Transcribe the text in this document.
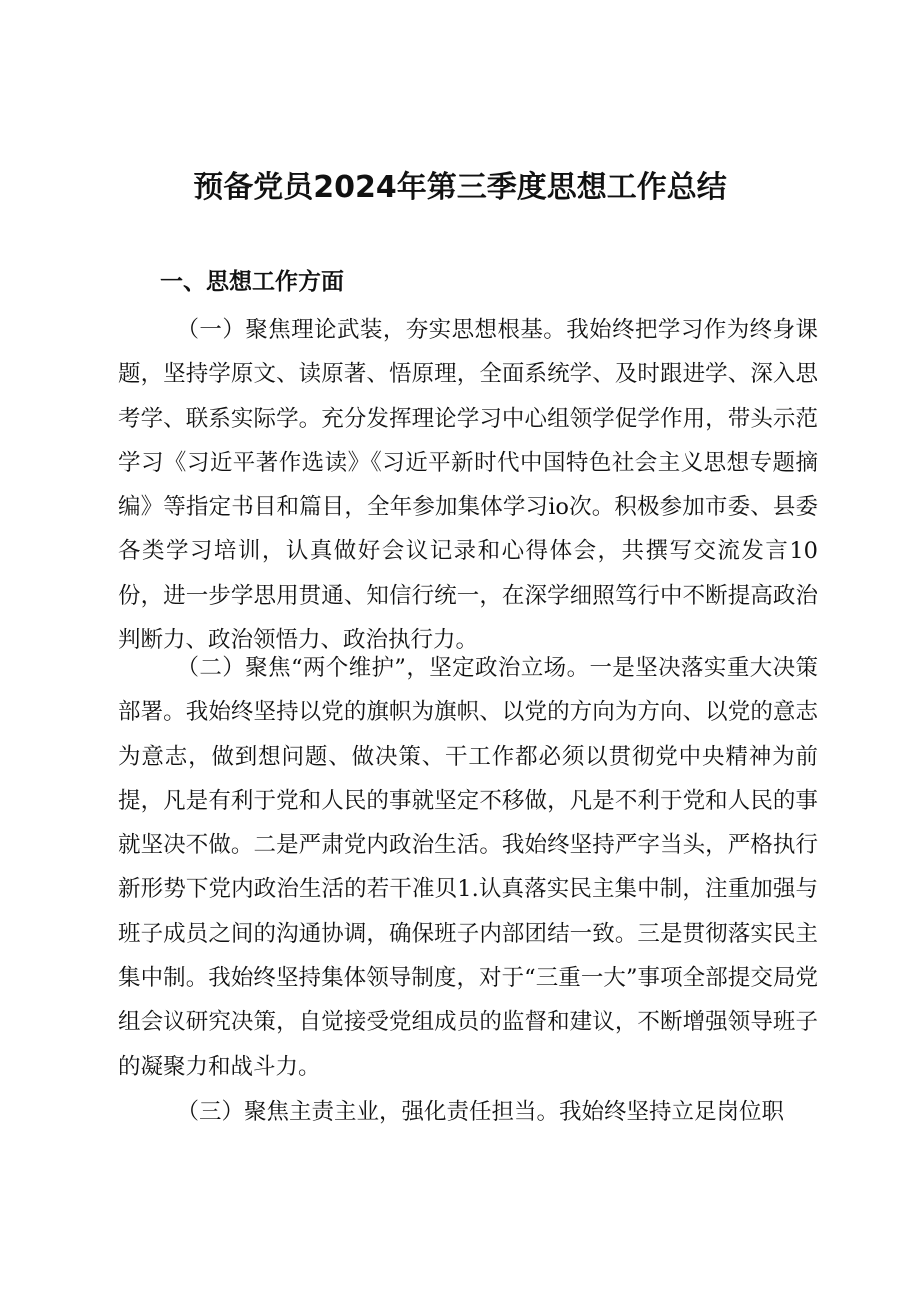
预备党员2024年第三季度思想工作总结
一、思想工作方面

（一）聚焦理论武装，夯实思想根基。我始终把学习作为终身课题，坚持学原文、读原著、悟原理，全面系统学、及时跟进学、深入思考学、联系实际学。充分发挥理论学习中心组领学促学作用，带头示范学习《习近平著作选读》《习近平新时代中国特色社会主义思想专题摘编》等指定书目和篇目，全年参加集体学习io次。积极参加市委、县委各类学习培训，认真做好会议记录和心得体会，共撰写交流发言10份，进一步学思用贯通、知信行统一，在深学细照笃行中不断提高政治判断力、政治领悟力、政治执行力。

（二）聚焦“两个维护”，坚定政治立场。一是坚决落实重大决策部署。我始终坚持以党的旗帜为旗帜、以党的方向为方向、以党的意志为意志，做到想问题、做决策、干工作都必须以贯彻党中央精神为前提，凡是有利于党和人民的事就坚定不移做，凡是不利于党和人民的事就坚决不做。二是严肃党内政治生活。我始终坚持严字当头，严格执行新形势下党内政治生活的若干准贝1.认真落实民主集中制，注重加强与班子成员之间的沟通协调，确保班子内部团结一致。三是贯彻落实民主集中制。我始终坚持集体领导制度，对于“三重一大”事项全部提交局党组会议研究决策，自觉接受党组成员的监督和建议，不断增强领导班子的凝聚力和战斗力。

（三）聚焦主责主业，强化责任担当。我始终坚持立足岗位职
